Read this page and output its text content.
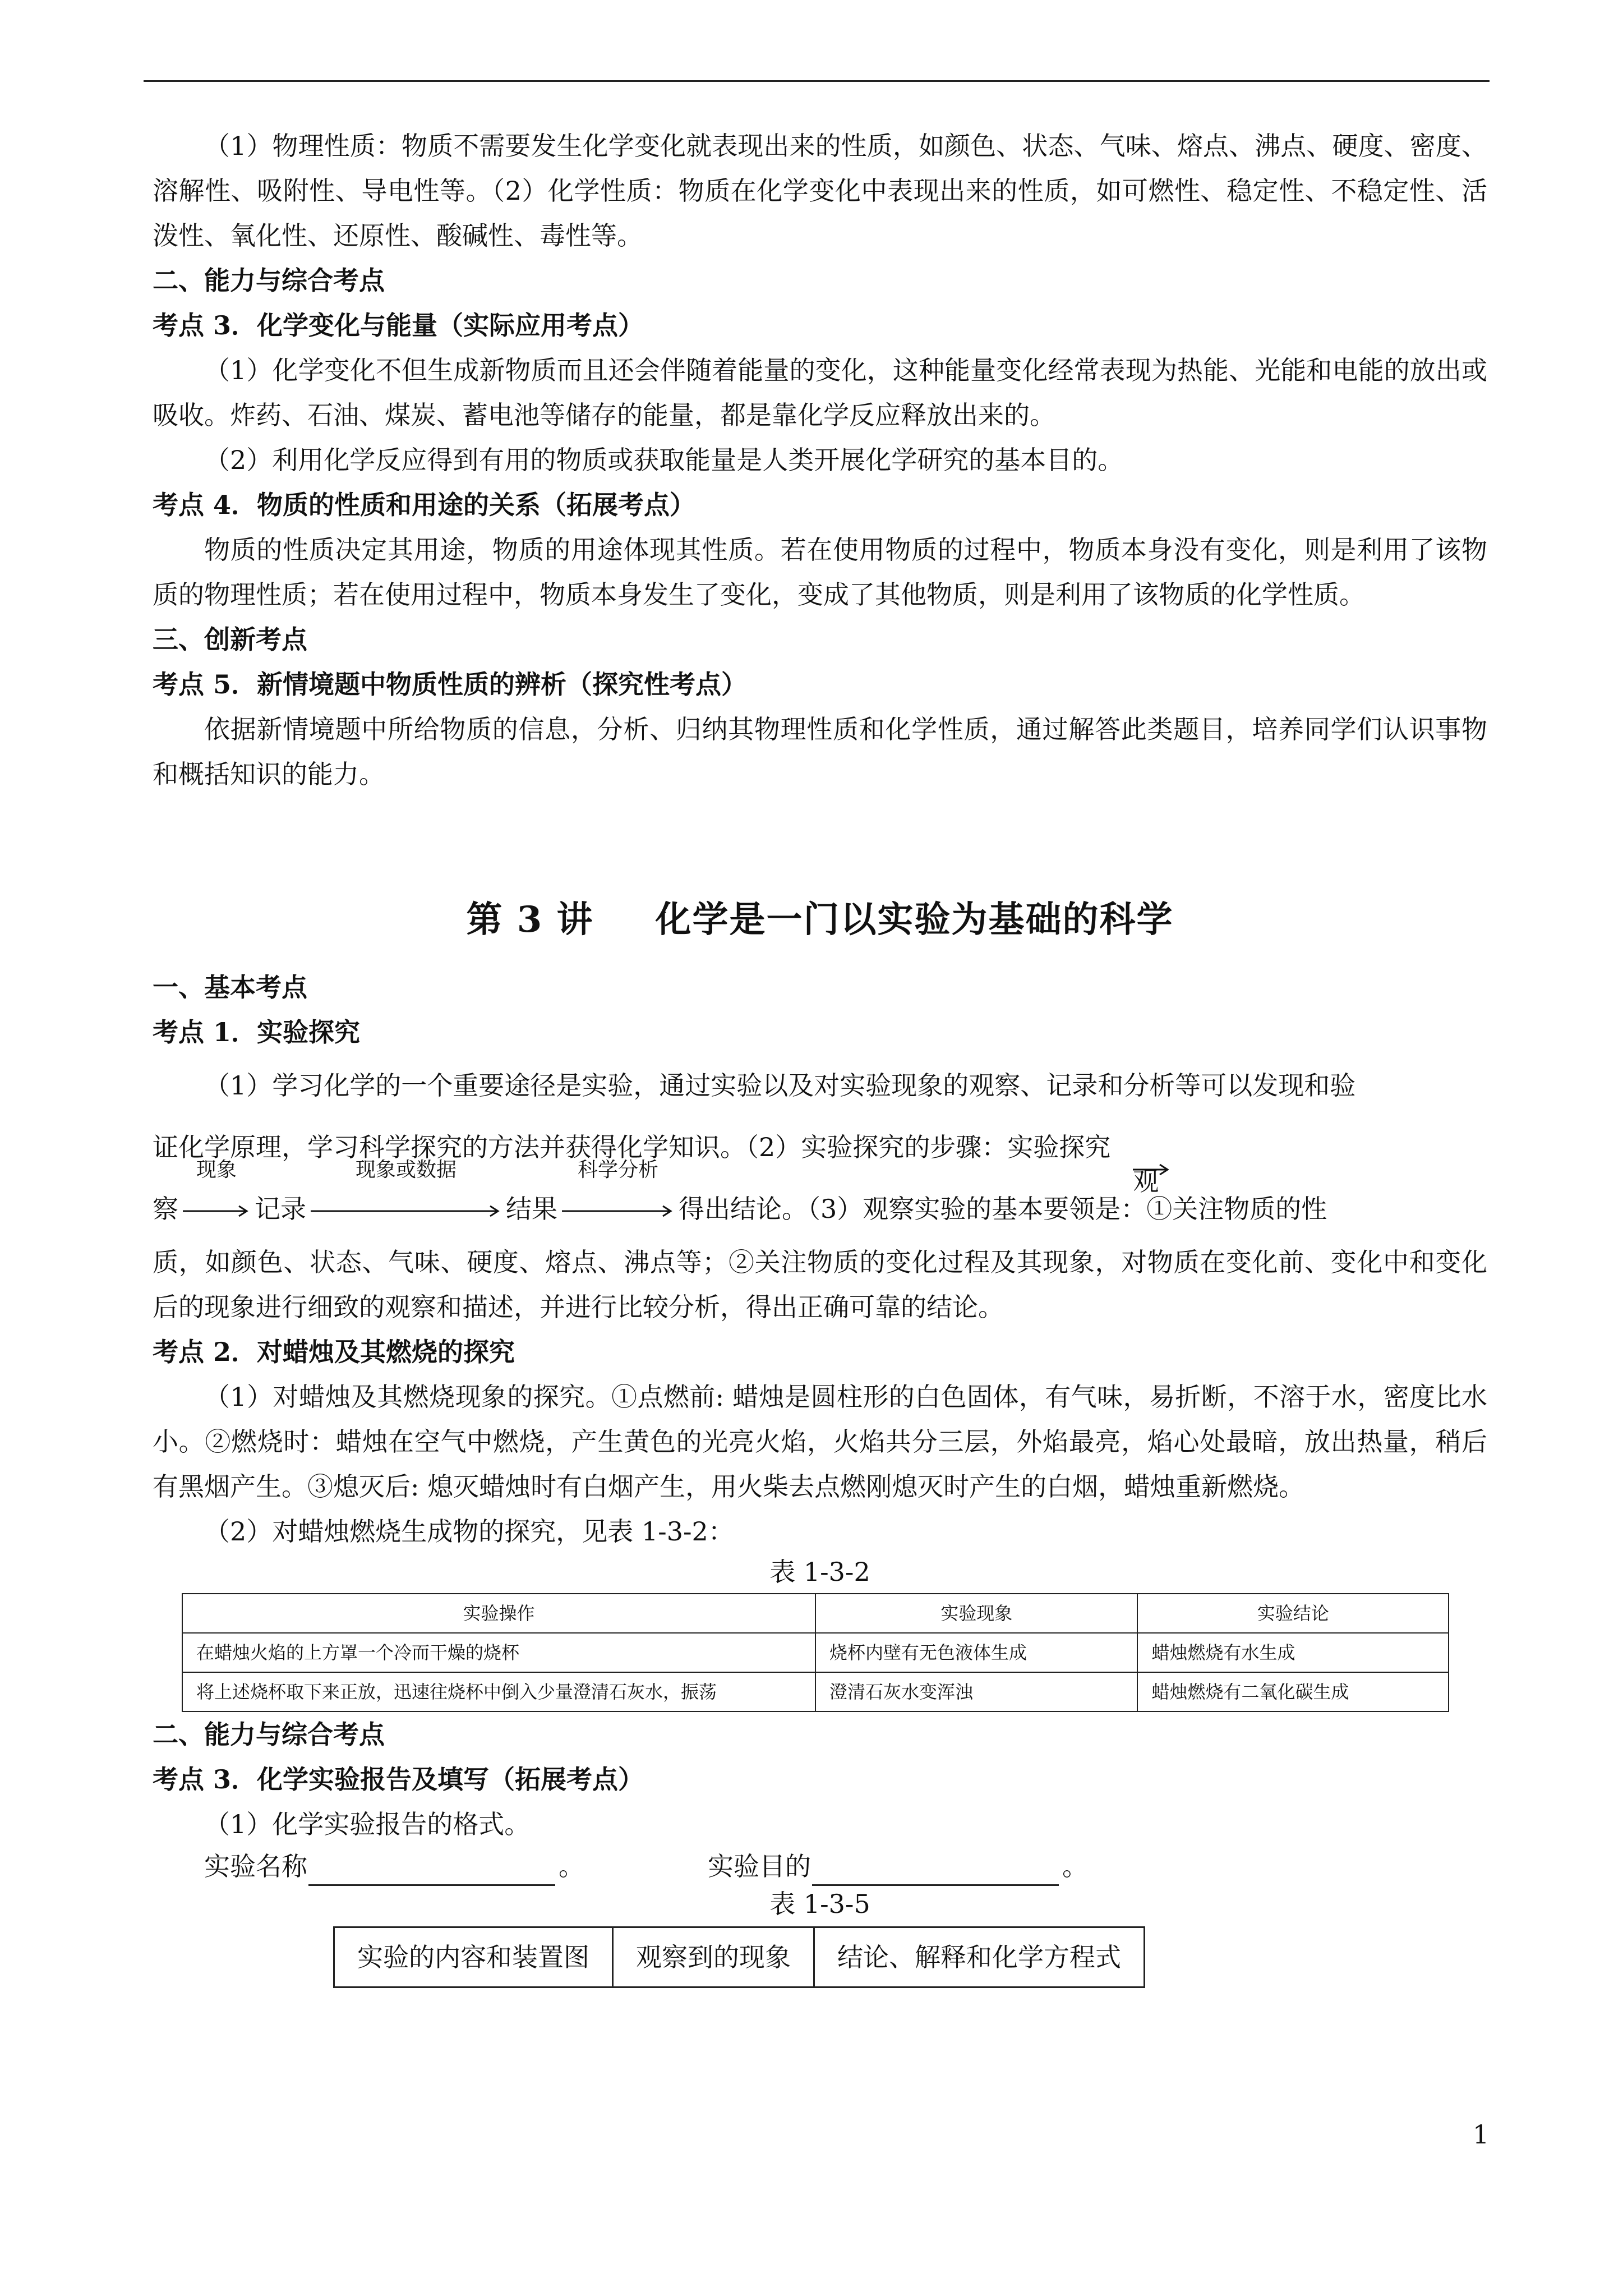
（1）物理性质：物质不需要发生化学变化就表现出来的性质，如颜色、状态、气味、熔点、沸点、硬度、密度、溶解性、吸附性、导电性等。（2）化学性质：物质在化学变化中表现出来的性质，如可燃性、稳定性、不稳定性、活泼性、氧化性、还原性、酸碱性、毒性等。

二、能力与综合考点

考点 3．化学变化与能量（实际应用考点）

（1）化学变化不但生成新物质而且还会伴随着能量的变化，这种能量变化经常表现为热能、光能和电能的放出或吸收。炸药、石油、煤炭、蓄电池等储存的能量，都是靠化学反应释放出来的。

（2）利用化学反应得到有用的物质或获取能量是人类开展化学研究的基本目的。

考点 4．物质的性质和用途的关系（拓展考点）

物质的性质决定其用途，物质的用途体现其性质。若在使用物质的过程中，物质本身没有变化，则是利用了该物质的物理性质；若在使用过程中，物质本身发生了变化，变成了其他物质，则是利用了该物质的化学性质。

三、创新考点

考点 5．新情境题中物质性质的辨析（探究性考点）

依据新情境题中所给物质的信息，分析、归纳其物理性质和化学性质，通过解答此类题目，培养同学们认识事物和概括知识的能力。

第 3 讲 化学是一门以实验为基础的科学

一、基本考点

考点 1．实验探究

（1）学习化学的一个重要途径是实验，通过实验以及对实验现象的观察、记录和分析等可以发现和验

证化学原理，学习科学探究的方法并获得化学知识。（2）实验探究的步骤：实验探究
观

察
现象
记录
现象或数据
结果
科学分析
得出结论。（3）观察实验的基本要领是：①关注物质的性

质，如颜色、状态、气味、硬度、熔点、沸点等；②关注物质的变化过程及其现象，对物质在变化前、变化中和变化后的现象进行细致的观察和描述，并进行比较分析，得出正确可靠的结论。

考点 2．对蜡烛及其燃烧的探究

（1）对蜡烛及其燃烧现象的探究。①点燃前: 蜡烛是圆柱形的白色固体，有气味，易折断，不溶于水，密度比水小。②燃烧时：蜡烛在空气中燃烧，产生黄色的光亮火焰，火焰共分三层，外焰最亮，焰心处最暗，放出热量，稍后有黑烟产生。③熄灭后: 熄灭蜡烛时有白烟产生，用火柴去点燃刚熄灭时产生的白烟，蜡烛重新燃烧。

（2）对蜡烛燃烧生成物的探究，见表 1-3-2：

表 1-3-2

实验操作	实验现象	实验结论
在蜡烛火焰的上方罩一个冷而干燥的烧杯	烧杯内壁有无色液体生成	蜡烛燃烧有水生成
将上述烧杯取下来正放，迅速往烧杯中倒入少量澄清石灰水，振荡	澄清石灰水变浑浊	蜡烛燃烧有二氧化碳生成

二、能力与综合考点

考点 3．化学实验报告及填写（拓展考点）

（1）化学实验报告的格式。

实验名称	。	实验目的	。

表 1-3-5

实验的内容和装置图	观察到的现象	结论、解释和化学方程式
1
